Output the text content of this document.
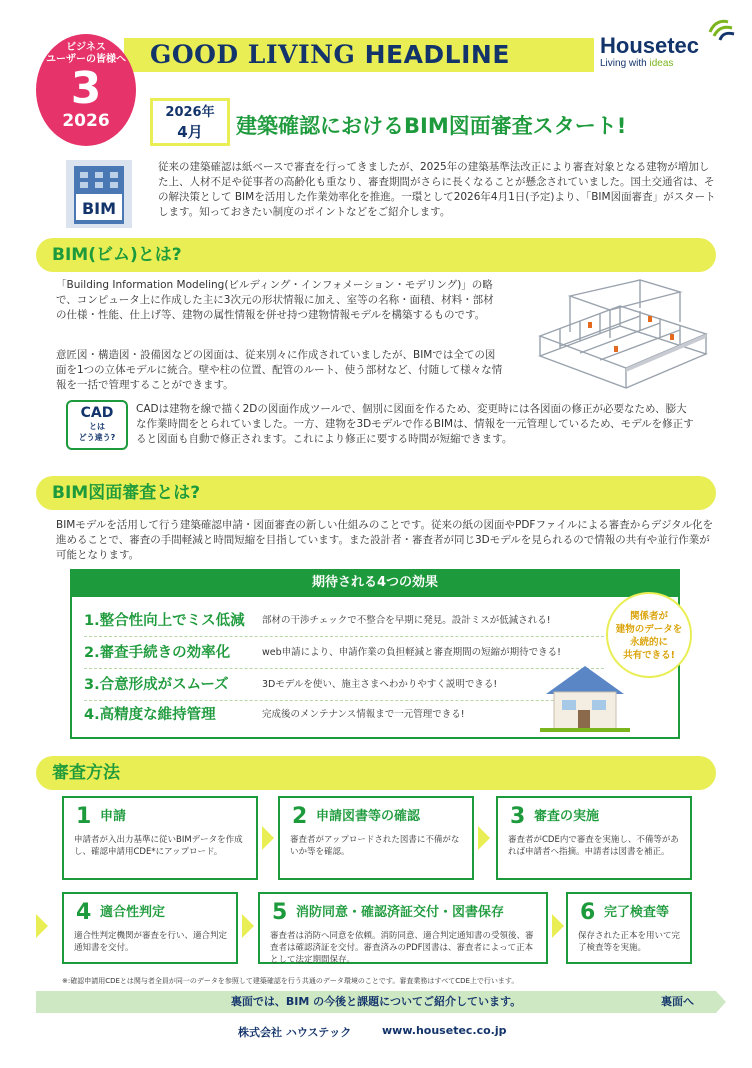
GOOD LIVING HEADLINE
ビジネス
ユーザーの皆様へ
3
2026
Housetec
Living with ideas
2026年
4月	建築確認におけるBIM図面審査スタート!
BIM
従来の建築確認は紙ベースで審査を行ってきましたが、2025年の建築基準法改正により審査対象となる建物が増加した上、人材不足や従事者の高齢化も重なり、審査期間がさらに長くなることが懸念されていました。国土交通省は、その解決策として BIMを活用した作業効率化を推進。一環として2026年4月1日(予定)より、「BIM図面審査」がスタートします。知っておきたい制度のポイントなどをご紹介します。
BIM(ビム)とは?
「Building Information Modeling(ビルディング・インフォメーション・モデリング)」の略で、コンピュータ上に作成した主に3次元の形状情報に加え、室等の名称・面積、材料・部材の仕様・性能、仕上げ等、建物の属性情報を併せ持つ建物情報モデルを構築するものです。
意匠図・構造図・設備図などの図面は、従来別々に作成されていましたが、BIMでは全ての図面を1つの立体モデルに統合。壁や柱の位置、配管のルート、使う部材など、付随して様々な情報を一括で管理することができます。
CAD
とは
どう違う?
CADは建物を線で描く2Dの図面作成ツールで、個別に図面を作るため、変更時には各図面の修正が必要なため、膨大な作業時間をとられていました。一方、建物を3Dモデルで作るBIMは、情報を一元管理しているため、モデルを修正すると図面も自動で修正されます。これにより修正に要する時間が短縮できます。
BIM図面審査とは?
BIMモデルを活用して行う建築確認申請・図面審査の新しい仕組みのことです。従来の紙の図面やPDFファイルによる審査からデジタル化を進めることで、審査の手間軽減と時間短縮を目指しています。また設計者・審査者が同じ3Dモデルを見られるので情報の共有や並行作業が可能となります。
期待される4つの効果
1.整合性向上でミス低減 部材の干渉チェックで不整合を早期に発見。設計ミスが低減される!
2.審査手続きの効率化	web申請により、申請作業の負担軽減と審査期間の短縮が期待できる!
3.合意形成がスムーズ	3Dモデルを使い、施主さまへわかりやすく説明できる!
4.高精度な維持管理	完成後のメンテナンス情報まで一元管理できる!
関係者が
建物のデータを
永続的に
共有できる!
審査方法
1 申請
申請者が入出力基準に従いBIMデータを作成し、確認申請用CDE*にアップロード。
2 申請図書等の確認
審査者がアップロードされた図書に不備がないか等を確認。
3 審査の実施
審査者がCDE内で審査を実施し、不備等があれば申請者へ指摘。申請者は図書を補正。
4 適合性判定
適合性判定機関が審査を行い、適合判定通知書を交付。
5 消防同意・確認済証交付・図書保存
審査者は消防へ同意を依頼。消防同意、適合判定通知書の受領後、審査者は確認済証を交付。審査済みのPDF図書は、審査者によって正本として法定期間保存。
6 完了検査等
保存された正本を用いて完了検査等を実施。
※:確認申請用CDEとは関与者全員が同一のデータを参照して建築確認を行う共通のデータ環境のことです。審査業務はすべてCDE上で行います。
裏面では、BIM の今後と課題についてご紹介しています。	裏面へ
株式会社 ハウステック	www.housetec.co.jp
